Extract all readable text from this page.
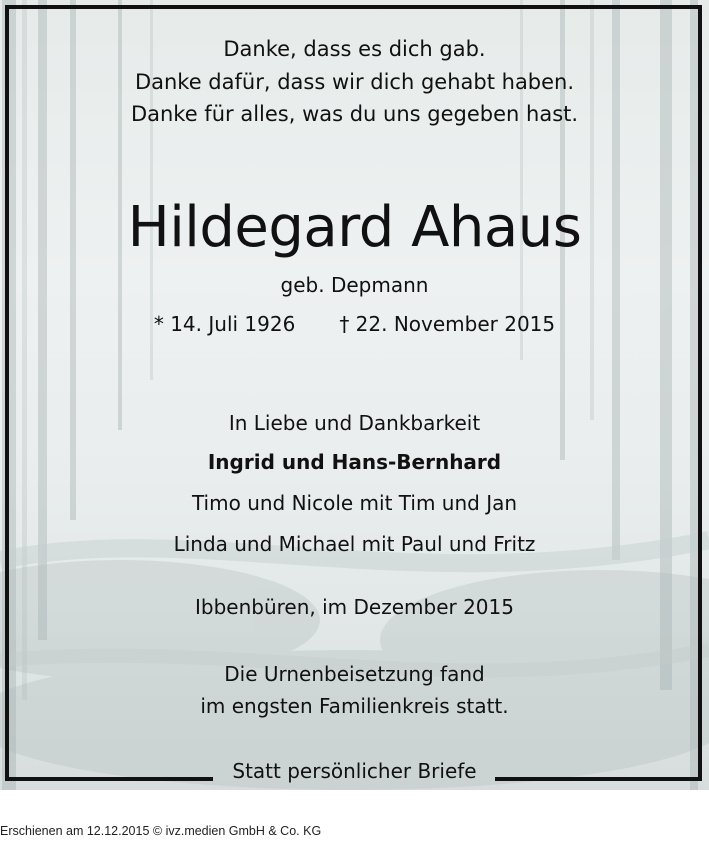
Danke, dass es dich gab.
Danke dafür, dass wir dich gehabt haben.
Danke für alles, was du uns gegeben hast.
Hildegard Ahaus
geb. Depmann
* 14. Juli 1926 † 22. November 2015
In Liebe und Dankbarkeit
Ingrid und Hans-Bernhard
Timo und Nicole mit Tim und Jan
Linda und Michael mit Paul und Fritz
Ibbenbüren, im Dezember 2015
Die Urnenbeisetzung fand
im engsten Familienkreis statt.
Statt persönlicher Briefe
Erschienen am 12.12.2015 © ivz.medien GmbH & Co. KG
